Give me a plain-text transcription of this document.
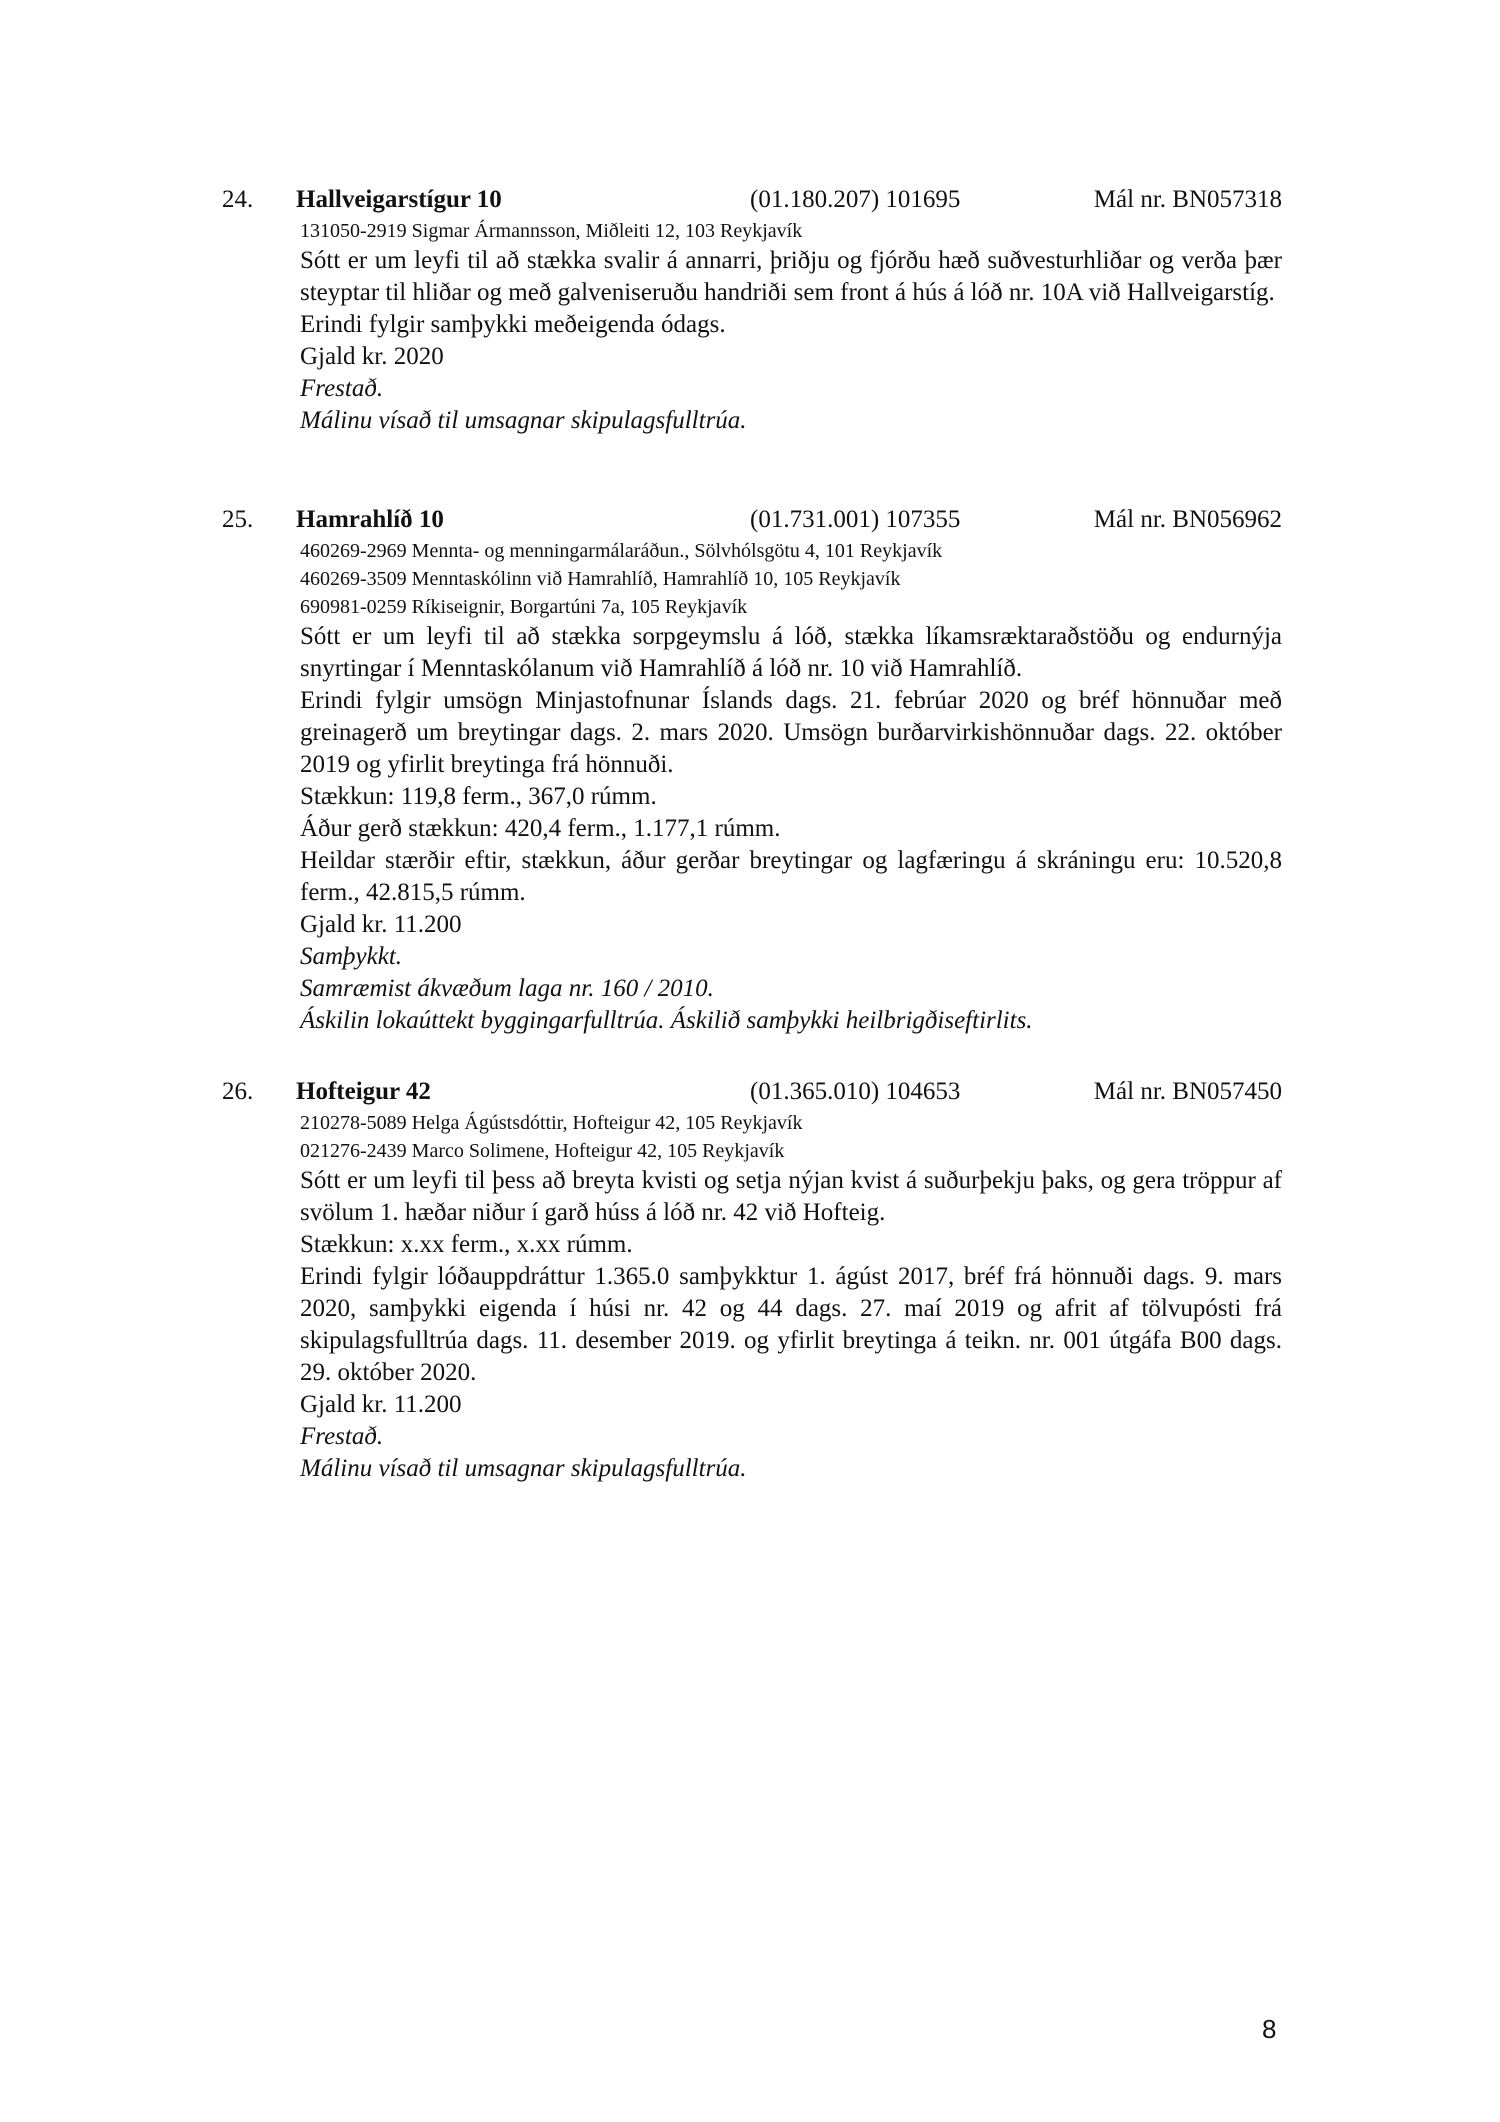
24. Hallveigarstígur 10	(01.180.207) 101695	Mál nr. BN057318
131050-2919 Sigmar Ármannsson, Miðleiti 12, 103 Reykjavík
Sótt er um leyfi til að stækka svalir á annarri, þriðju og fjórðu hæð suðvesturhliðar og verða þær steyptar til hliðar og með galveniseruðu handriði sem front á hús á lóð nr. 10A við Hallveigarstíg.
Erindi fylgir samþykki meðeigenda ódags.
Gjald kr. 2020
Frestað.
Málinu vísað til umsagnar skipulagsfulltrúa.
25. Hamrahlíð 10	(01.731.001) 107355	Mál nr. BN056962
460269-2969 Mennta- og menningarmálaráðun., Sölvhólsgötu 4, 101 Reykjavík
460269-3509 Menntaskólinn við Hamrahlíð, Hamrahlíð 10, 105 Reykjavík
690981-0259 Ríkiseignir, Borgartúni 7a, 105 Reykjavík
Sótt er um leyfi til að stækka sorpgeymslu á lóð, stækka líkamsræktaraðstöðu og endurnýja snyrtingar í Menntaskólanum við Hamrahlíð á lóð nr. 10 við Hamrahlíð.
Erindi fylgir umsögn Minjastofnunar Íslands dags. 21. febrúar 2020 og bréf hönnuðar með greinagerð um breytingar dags. 2. mars 2020. Umsögn burðarvirkishönnuðar dags. 22. október 2019 og yfirlit breytinga frá hönnuði.
Stækkun: 119,8 ferm., 367,0 rúmm.
Áður gerð stækkun: 420,4 ferm., 1.177,1 rúmm.
Heildar stærðir eftir, stækkun, áður gerðar breytingar og lagfæringu á skráningu eru: 10.520,8 ferm., 42.815,5 rúmm.
Gjald kr. 11.200
Samþykkt.
Samræmist ákvæðum laga nr. 160 / 2010.
Áskilin lokaúttekt byggingarfulltrúa. Áskilið samþykki heilbrigðiseftirlits.
26. Hofteigur 42	(01.365.010) 104653	Mál nr. BN057450
210278-5089 Helga Ágústsdóttir, Hofteigur 42, 105 Reykjavík
021276-2439 Marco Solimene, Hofteigur 42, 105 Reykjavík
Sótt er um leyfi til þess að breyta kvisti og setja nýjan kvist á suðurþekju þaks, og gera tröppur af svölum 1. hæðar niður í garð húss á lóð nr. 42 við Hofteig.
Stækkun: x.xx ferm., x.xx rúmm.
Erindi fylgir lóðauppdráttur 1.365.0 samþykktur 1. ágúst 2017, bréf frá hönnuði dags. 9. mars 2020, samþykki eigenda í húsi nr. 42 og 44 dags. 27. maí 2019 og afrit af tölvupósti frá skipulagsfulltrúa dags. 11. desember 2019. og yfirlit breytinga á teikn. nr. 001 útgáfa B00 dags. 29. október 2020.
Gjald kr. 11.200
Frestað.
Málinu vísað til umsagnar skipulagsfulltrúa.
8
